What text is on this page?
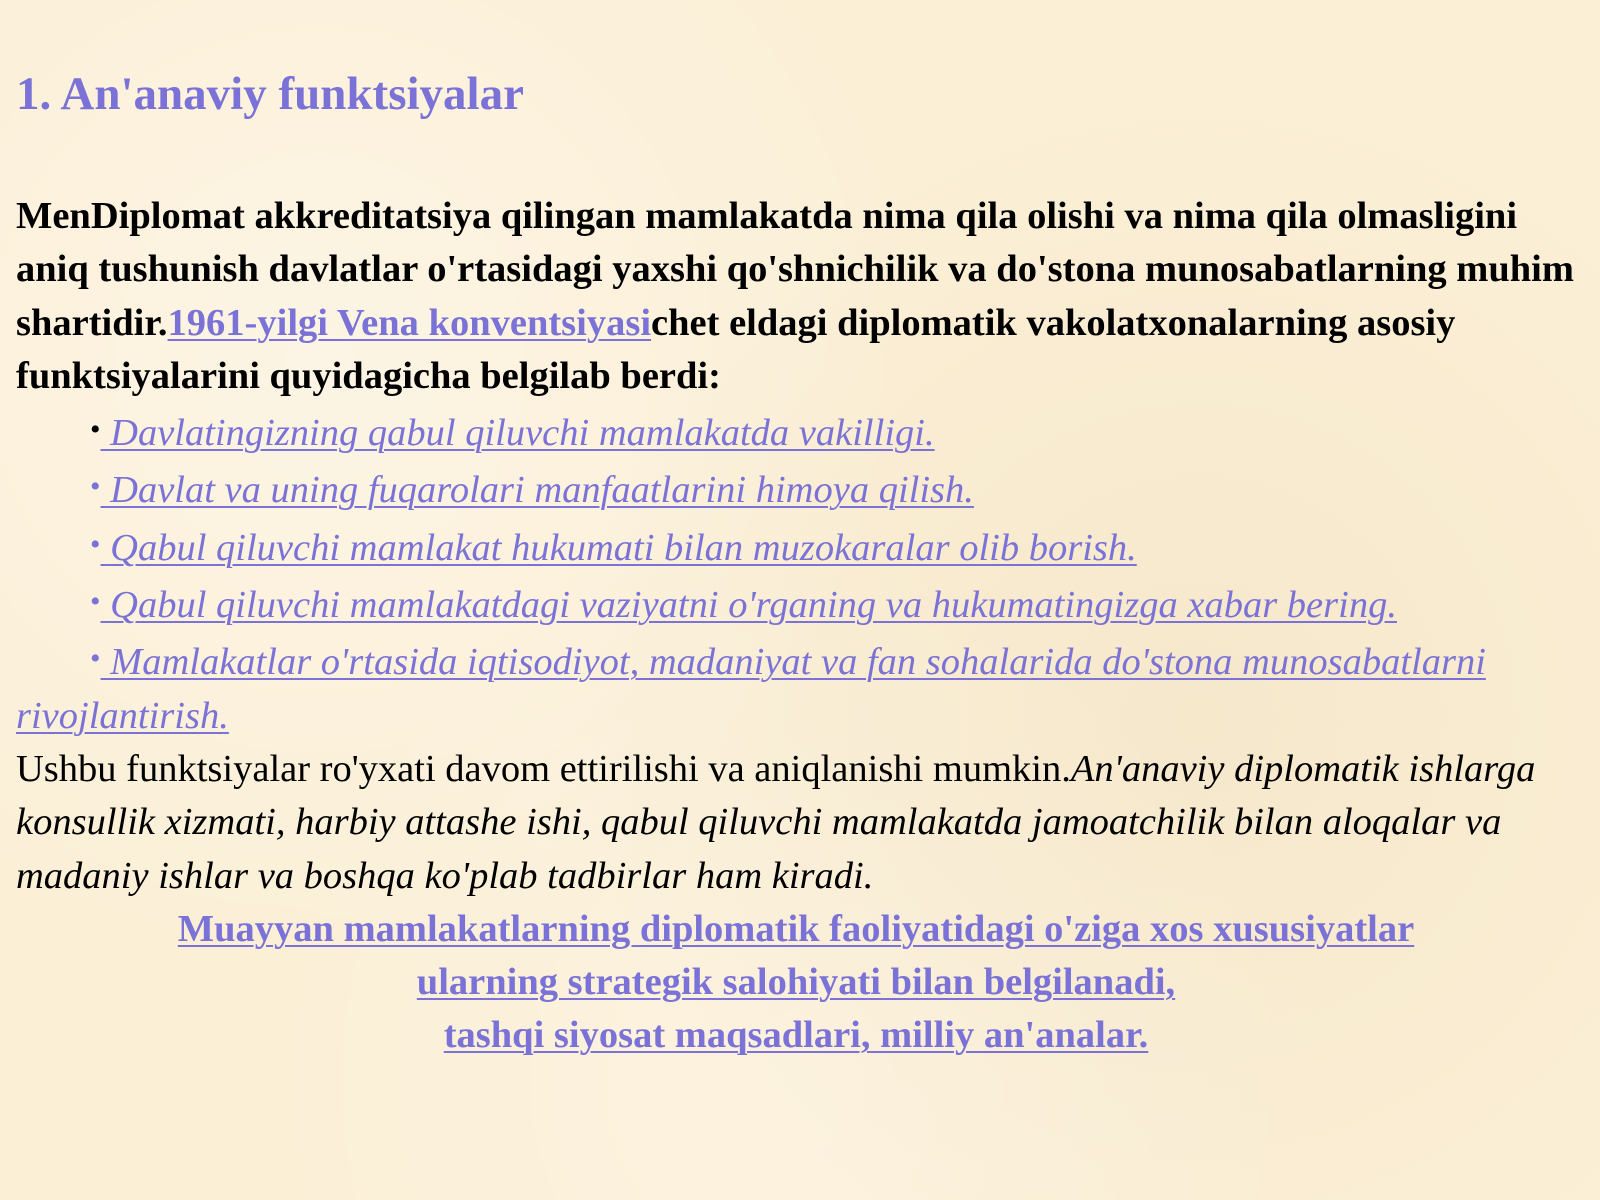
1. An'anaviy funktsiyalar

MenDiplomat akkreditatsiya qilingan mamlakatda nima qila olishi va nima qila olmasligini aniq tushunish davlatlar o'rtasidagi yaxshi qo'shnichilik va do'stona munosabatlarning muhim shartidir.1961-yilgi Vena konventsiyasichet eldagi diplomatik vakolatxonalarning asosiy funktsiyalarini quyidagicha belgilab berdi:

• Davlatingizning qabul qiluvchi mamlakatda vakilligi.
• Davlat va uning fuqarolari manfaatlarini himoya qilish.
• Qabul qiluvchi mamlakat hukumati bilan muzokaralar olib borish.
• Qabul qiluvchi mamlakatdagi vaziyatni o'rganing va hukumatingizga xabar bering.
• Mamlakatlar o'rtasida iqtisodiyot, madaniyat va fan sohalarida do'stona munosabatlarni rivojlantirish.

Ushbu funktsiyalar ro'yxati davom ettirilishi va aniqlanishi mumkin.An'anaviy diplomatik ishlarga konsullik xizmati, harbiy attashe ishi, qabul qiluvchi mamlakatda jamoatchilik bilan aloqalar va madaniy ishlar va boshqa ko'plab tadbirlar ham kiradi.

Muayyan mamlakatlarning diplomatik faoliyatidagi o'ziga xos xususiyatlar

ularning strategik salohiyati bilan belgilanadi,

tashqi siyosat maqsadlari, milliy an'analar.
